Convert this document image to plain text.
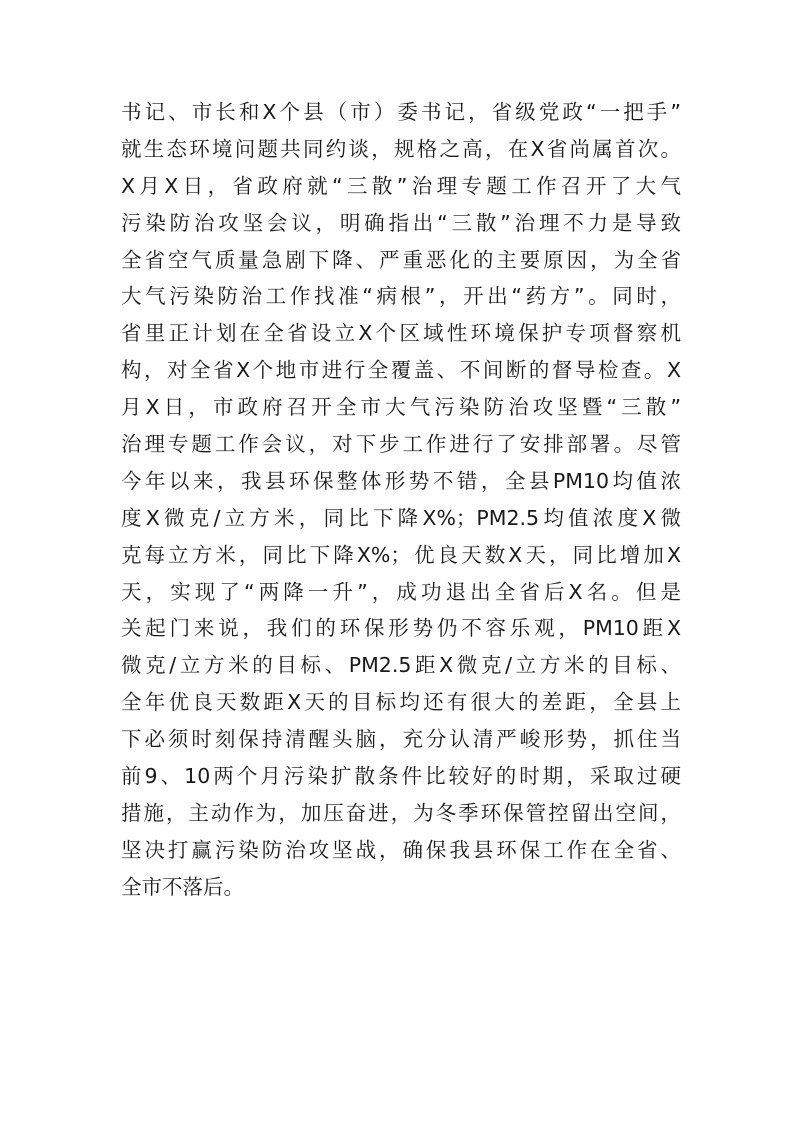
书记、市长和X个县（市）委书记，省级党政“一把手”
就生态环境问题共同约谈，规格之高，在X省尚属首次。
X月X日，省政府就“三散”治理专题工作召开了大气
污染防治攻坚会议，明确指出“三散”治理不力是导致
全省空气质量急剧下降、严重恶化的主要原因，为全省
大气污染防治工作找准“病根”，开出“药方”。同时，
省里正计划在全省设立X个区域性环境保护专项督察机
构，对全省X个地市进行全覆盖、不间断的督导检查。X
月X日，市政府召开全市大气污染防治攻坚暨“三散”
治理专题工作会议，对下步工作进行了安排部署。尽管
今年以来，我县环保整体形势不错，全县PM10均值浓
度X微克/立方米，同比下降X%；PM2.5均值浓度X微
克每立方米，同比下降X%；优良天数X天，同比增加X
天，实现了“两降一升”，成功退出全省后X名。但是
关起门来说，我们的环保形势仍不容乐观，PM10距X
微克/立方米的目标、PM2.5距X微克/立方米的目标、
全年优良天数距X天的目标均还有很大的差距，全县上
下必须时刻保持清醒头脑，充分认清严峻形势，抓住当
前9、10两个月污染扩散条件比较好的时期，采取过硬
措施，主动作为，加压奋进，为冬季环保管控留出空间，
坚决打赢污染防治攻坚战，确保我县环保工作在全省、
全市不落后。
